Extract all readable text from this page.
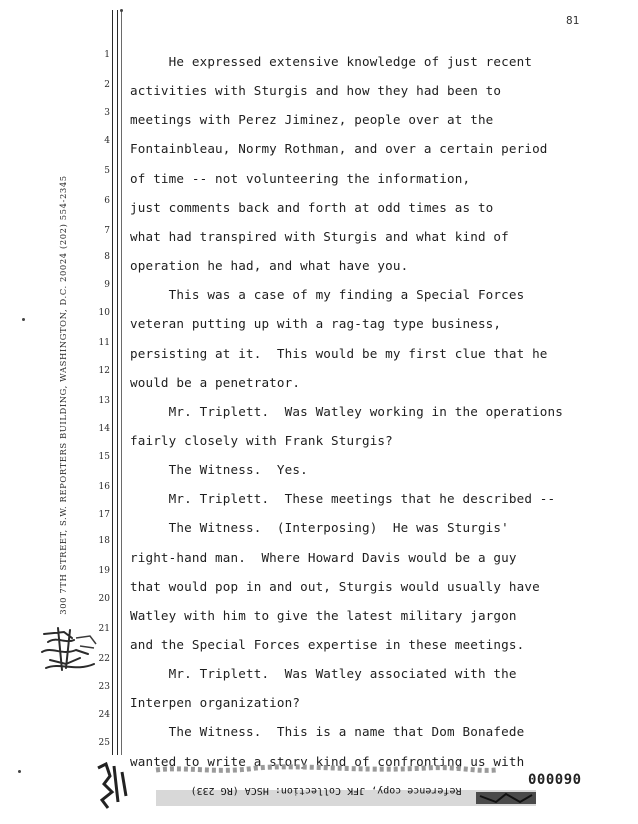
81
300 7TH STREET, S.W. REPORTERS BUILDING, WASHINGTON, D.C. 20024 (202) 554-2345
1
2
3
4
5
6
7
8
9
10
11
12
13
14
15
16
17
18
19
20
21
22
23
24
25
He expressed extensive knowledge of just recent
activities with Sturgis and how they had been to
meetings with Perez Jiminez, people over at the
Fontainbleau, Normy Rothman, and over a certain period
of time -- not volunteering the information,
just comments back and forth at odd times as to
what had transpired with Sturgis and what kind of
operation he had, and what have you.
This was a case of my finding a Special Forces
veteran putting up with a rag-tag type business,
persisting at it.  This would be my first clue that he
would be a penetrator.
Mr. Triplett.  Was Watley working in the operations
fairly closely with Frank Sturgis?
The Witness.  Yes.
Mr. Triplett.  These meetings that he described --
The Witness.  (Interposing)  He was Sturgis'
right-hand man.  Where Howard Davis would be a guy
that would pop in and out, Sturgis would usually have
Watley with him to give the latest military jargon
and the Special Forces expertise in these meetings.
Mr. Triplett.  Was Watley associated with the
Interpen organization?
The Witness.  This is a name that Dom Bonafede
wanted to write a story kind of confronting us with
Reference copy, JFK Collection: HSCA (RG 233)
000090
